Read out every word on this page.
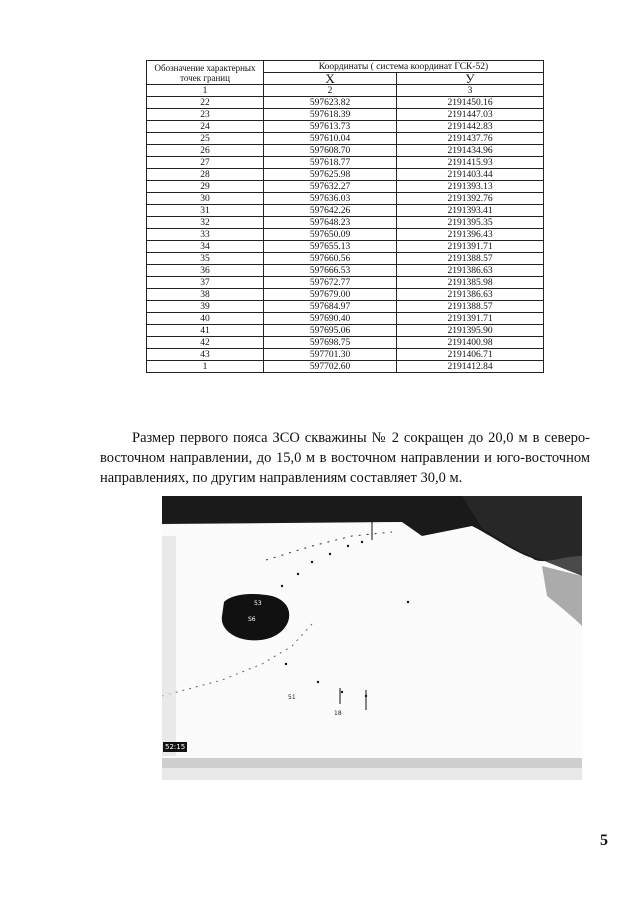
Обозначение характерных точек границ	Координаты ( система координат ГСК-52)	
	X	У
1	2	3
22	597623.82	2191450.16
23	597618.39	2191447.03
24	597613.73	2191442.83
25	597610.04	2191437.76
26	597608.70	2191434.96
27	597618.77	2191415.93
28	597625.98	2191403.44
29	597632.27	2191393.13
30	597636.03	2191392.76
31	597642.26	2191393.41
32	597648.23	2191395.35
33	597650.09	2191396.43
34	597655.13	2191391.71
35	597660.56	2191388.57
36	597666.53	2191386.63
37	597672.77	2191385.98
38	597679.00	2191386.63
39	597684.97	2191388.57
40	597690.40	2191391.71
41	597695.06	2191395.90
42	597698.75	2191400.98
43	597701.30	2191406.71
1	597702.60	2191412.84
Размер первого пояса ЗСО скважины № 2 сокращен до 20,0 м в северо-восточном направлении, до 15,0 м в восточном направлении и юго-восточном направлениях, по другим направлениям составляет 30,0 м.
53
S6
51
18
52:15
5
